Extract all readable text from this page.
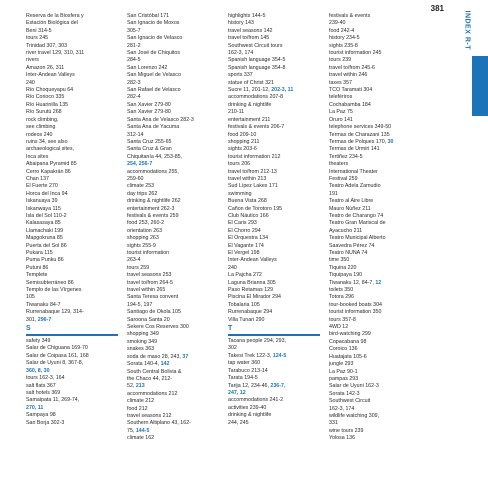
381
Reserva de la Biosfera y
Estación Biológica del
Beni 314-5
tours 245
Trinidad 307, 303
river travel 129, 310, 311
rivers
Amazon 26, 311
Inter-Andean Valleys
240
Río Choqueyapu 64
Río Corioco 335
Río Huarinilla 135
Río Surutú 268
rock climbing,
see climbing
rodeos 240
ruins 34, see also
archaeological sites,
Inca sites
Abaipana Pyramid 85
Cerro Kapakrán 86
Chan 137
El Fuerte 270
Horca del Inca 94
Iskanuaya 39
Iskanwaya 115
Isla del Sol 110-2
Kalasasaya 85
Llamachaki 199
Mapgokruna 85
Puerta del Sol 86
Pukara 115
Puma Punku 86
Putuni 86
Templete
Semisubterráneo 86
Templo de las Vírgenes
105
Tiwanaku 84-7
Rurrenabaque 129, 314-
301, 296-7
S
safety 349
Salar de Chiguana 169-70
Salar de Coipasa 161, 168
Salar de Uyuni 8, 367-8,
360, 8, 30
tours 162-3, 164
salt flats 367
salt hotels 369
Samaipata 11, 269-74,
270, 11
Sampaya 98
San Borja 302-3
San Cristóbal 171
San Ignacio de Moxos
305-7
San Ignacio de Velasco
281-2
San José de Chiquitos
284-5
San Lorenzo 242
San Miguel de Velasco
282-3
San Rafael de Velasco
282-4
San Xavier 279-80
San Xavier 279-80
Santa Ana de Velasco 282-3
Santa Ana de Yacuma
312-14
Santa Cruz 255-65
Santa Cruz & Gran
Chiquitanía 44, 253-85,
254, 256-7
accommodations 255,
259-60
climate 253
day trips 262
drinking & nightlife 262
entertainment 262-3
festivals & events 259
food 253, 260-2
orientation 263
shopping 263
sights 255-9
tourist information
263-4
tours 259
travel seasons 253
travel to/from 264-5
travel within 265
Santa Teresa convent
194-5, 197
Santiago de Okola 105
Saroona Santa 20
Sekere Cos Reserves 300
shopping 349
smoking 349
snakes 363
soda de maso 28, 243, 37
Sorata 140-4, 142
South Central Bolivia &
the Chaco 44, 212-
52, 213
accommodations 212
climate 212
food 212
travel seasons 212
Southern Altiplano 43, 162-
75, 144-5
climate 162
highlights 144-5
history 143
travel seasons 142
travel to/from 145
Southwest Circuit tours
162-3, 174
Spanish language 354-5
Spanish language 354-8
sports 337
statue of Christ 321
Sucre 11, 201-12, 202-3, 11
accommodations 207-8
drinking & nightlife
210-11
entertainment 211
festivals & events 206-7
food 209-10
shopping 211
sights 203-6
tourist information 212
tours 206
travel to/from 212-13
travel within 213
Sud Lípez Lakes 171
swimming
Buena Vista 268
Cañon de Torotoro 195
Club Náutico 166
El Caris 293
El Chorro 294
El Orquestra 134
El Vagante 174
El Vergel 198
Inter-Andean Valleys
240
La Pajcha 272
Laguna Brianna 305
Paso Retamas 129
Piscina El Mirador 294
Tobalaria 105
Rurrenabaque 294
Villa Tunari 290
T
Tacana people 294, 293,
302
Takesi Trek 122-3, 124-5
tap water 360
Tarabuco 213-14
Tarata 194-5
Tarija 12, 234-46, 236-7,
247, 12
accommodations 241-2
activities 239-40
drinking & nightlife
244, 245
festivals & events
239-40
food 242-4
history 234-5
sights 235-8
tourist information 245
tours 239
travel to/from 245-6
travel within 246
taxes 357
TCO Taramati 304
telefériros
Cochabamba 184
La Paz 75
Oruro 141
telephone services 349-50
Termas de Charazani 135
Termas de Polques 170, 30
Termas de Urmiri 141
Tertiñez 234-5
theaters
International Theater
Festival 259
Teatro Adela Zamudio
191
Teatro al Aire Libre
Mauro Núñez 211
Teatro de Charango 74
Teatro Gran Mariscal de
Ayacucho 211
Teatro Municipal Alberto
Saavedra Pérez 74
Teatro NUNA 74
time 350
Tiquina 220
Tiquipaya 190
Tiwanaku 12, 84-7, 12
toilets 350
Totora 296
tour-booked boats 304
tourist information 350
tours 357-8
4WD 12
bird-watching 299
Copacabana 98
Coroico 136
Huatajata 105-6
jungle 293
La Paz 90-1
pampas 293
Salar de Uyuni 162-3
Sorata 142-3
Southwest Circuit
162-3, 174
wildlife watching 309,
331
wine tours 239
Yolosa 136
INDEX R-T
